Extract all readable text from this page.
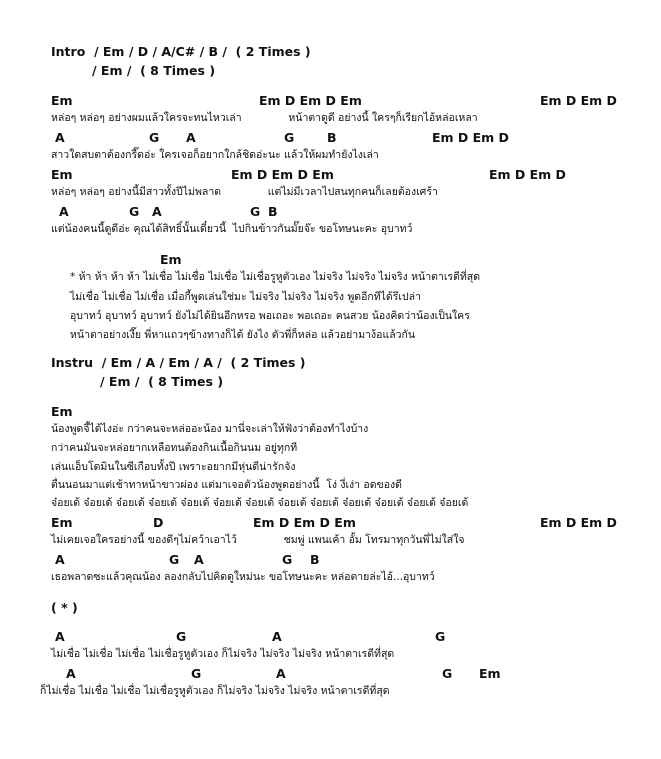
Intro  / Em / D / A/C# / B /  ( 2 Times )
/ Em /  ( 8 Times )

Em

	Em D Em D Em

	Em D Em D

หล่อๆ หล่อๆ อย่างผมแล้วใครจะทนไหวเล่า              หน้าตาดูดี อย่างนี้ ใครๆก็เรียกไอ้หล่อเหลา

A

	G

A

	G

	B

	Em D Em D

สาวใดสบตาต้องกรี๊ดอ่ะ ใครเจอก็อยากใกล้ชิดอ่ะนะ แล้วให้ผมทำยังไงเล่า

Em

	Em D Em D Em

	Em D Em D

หล่อๆ หล่อๆ อย่างนี้มีสาวทั้งปีไม่พลาด              แต่ไม่มีเวลาไปสนทุกคนก็เลยต้องเศร้า

A

	G

A

	G

B

แต่น้องคนนี้ดูดีอ่ะ คุณได้สิทธิ์นั้นเดี๋ยวนี้  ไปกินข้าวกันมั๊ยจ๊ะ ขอโทษนะคะ อุบาทว์
Em
* ห้า ห้า ห้า ห้า ไม่เชื่อ ไม่เชื่อ ไม่เชื่อ ไม่เชื่อรูหูตัวเอง ไม่จริง ไม่จริง ไม่จริง หน้าตาเรดีที่สุด
ไม่เชื่อ ไม่เชื่อ ไม่เชื่อ เมื่อกี้พูดเล่นใช่มะ ไม่จริง ไม่จริง ไม่จริง พูดอีกทีได้รึเปล่า
อุบาทว์ อุบาทว์ อุบาทว์ ยังไม่ได้ยินอีกหรอ พอเถอะ พอเถอะ คนสวย น้องคิดว่าน้องเป็นใคร
หน้าตาอย่างเงี๊ย พี่หาแถวๆข้างทางก็ได้ ยังไง ตัวพี่ก็หล่อ แล้วอย่ามาง้อแล้วกัน
Instru  / Em / A / Em / A /  ( 2 Times )
/ Em /  ( 8 Times )
Em
น้องพูดจี้ได้ไงอ่ะ กว่าคนจะหล่ออะน้อง มานี่จะเล่าให้ฟังว่าต้องทำไงบ้าง
กว่าคนมันจะหล่อยากเหลือทนต้องกินเนื้อกินนม อยู่ทุกที
เล่นแอ็บโดมินในซีเกือบทั้งปี เพราะอยากมีหุ่นดีน่ารักจัง
ตื่นนอนมาแต่เช้าทาหน้าขาวผ่อง แต่มาเจอตัวน้องพูดอย่างนี้  โง่ งี่เง่า อดของดี
จ๋อยเด้ จ๋อยเด้ จ๋อยเด้ จ๋อยเด้ จ๋อยเด้ จ๋อยเด้ จ๋อยเด้ จ๋อยเด้ จ๋อยเด้ จ๋อยเด้ จ๋อยเด้ จ๋อยเด้ จ๋อยเด้

Em

	D

	Em D Em D Em

	Em D Em D

ไม่เคยเจอใครอย่างนี้ ของดีๆไม่คว้าเอาไว้              ชมพู่ แพนเค้า อั้ม โทรมาทุกวันพี่ไม่ใส่ใจ

A

	G

A

	G

B

เธอพลาดซะแล้วคุณน้อง ลองกลับไปคิดดูใหม่นะ ขอโทษนะคะ หล่อตายล่ะไอ้...อุบาทว์
( * )

A

	G

	A

	G

ไม่เชื่อ ไม่เชื่อ ไม่เชื่อ ไม่เชื่อรูหูตัวเอง ก็ไม่จริง ไม่จริง ไม่จริง หน้าตาเรดีที่สุด

A

	G

	A

	G

Em

ก็ไม่เชื่อ ไม่เชื่อ ไม่เชื่อ ไม่เชื่อรูหูตัวเอง ก็ไม่จริง ไม่จริง ไม่จริง หน้าตาเรดีที่สุด
